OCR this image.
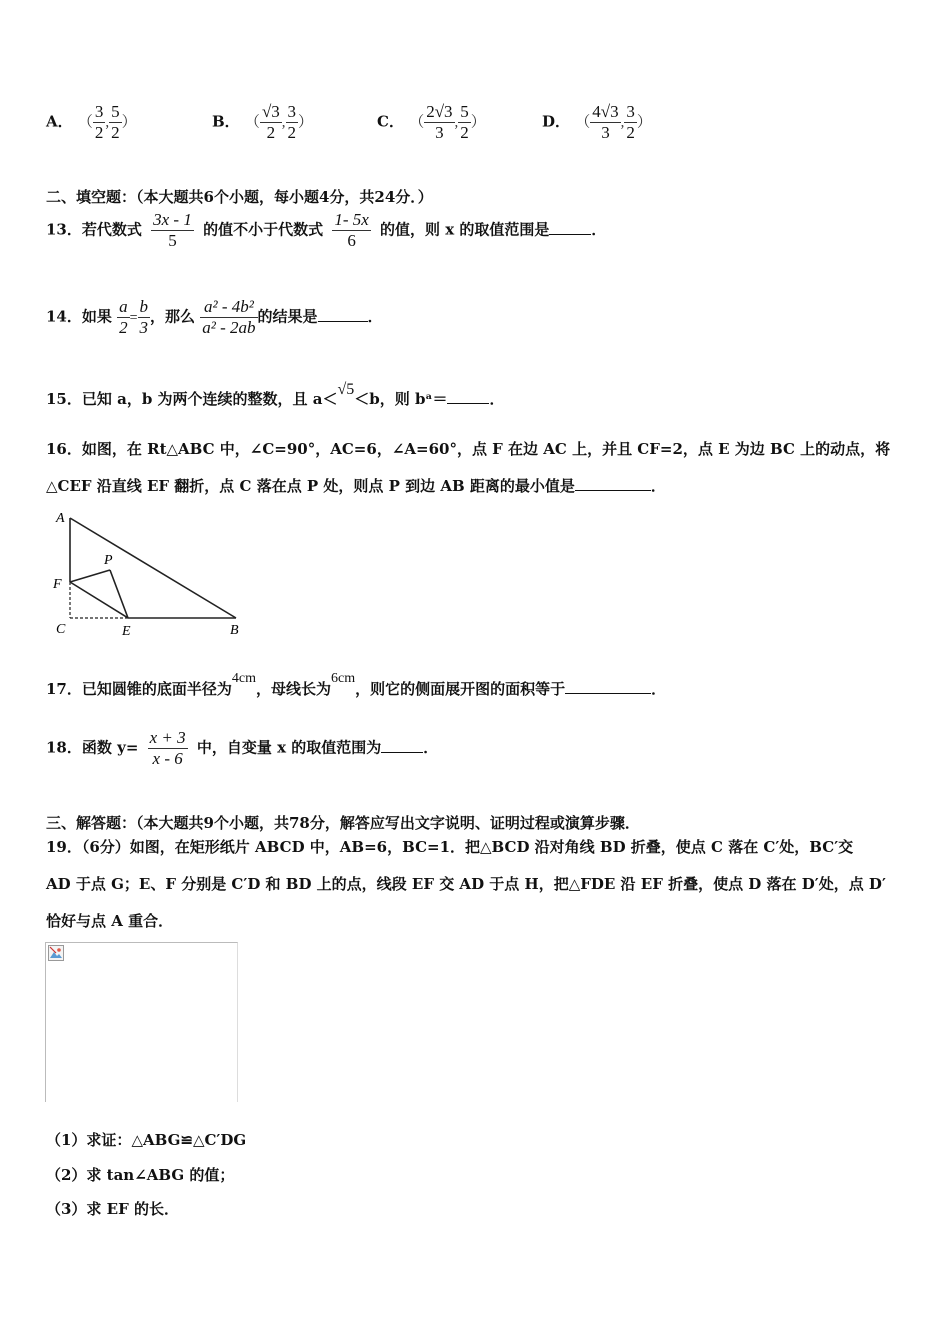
A． （ $\frac{3}{2}$ , $\frac{5}{2}$ ）	B． （ $\frac{√3}{2}$ , $\frac{3}{2}$ ）	C． （ $\frac{2√3}{3}$ , $\frac{5}{2}$ ）	D． （ $\frac{4√3}{3}$ , $\frac{3}{2}$ ）
二、填空题：（本大题共6个小题，每小题4分，共24分．）
13．若代数式 $\frac{3x - 1}{5}$ 的值不小于代数式 $\frac{1- 5x}{6}$ 的值，则 x 的取值范围是	．
14．如果 $\frac{a}{2} = \frac{b}{3}$ ，那么 $\frac{\text{a² - 4b²}}{\text{a² - 2ab}}$ 的结果是	．
15．已知 a，b 为两个连续的整数，且 a＜√5＜b，则 bᵃ＝	．
16．如图，在 Rt△ABC 中，∠C=90°，AC=6，∠A=60°，点 F 在边 AC 上，并且 CF=2，点 E 为边 BC 上的动点，将
△CEF 沿直线 EF 翻折，点 C 落在点 P 处，则点 P 到边 AB 距离的最小值是	．
A
P
F
C	E	B
17．已知圆锥的底面半径为4cm，母线长为6cm，则它的侧面展开图的面积等于	．
18．函数 $y= \frac{x + 3}{x - 6}$ 中，自变量 x 的取值范围为	．
三、解答题：（本大题共9个小题，共78分，解答应写出文字说明、证明过程或演算步骤．
19．（6分）如图，在矩形纸片 ABCD 中，AB=6，BC=1．把△BCD 沿对角线 BD 折叠，使点 C 落在 C′处，BC′交
AD 于点 G；E、F 分别是 C′D 和 BD 上的点，线段 EF 交 AD 于点 H，把△FDE 沿 EF 折叠，使点 D 落在 D′处，点 D′
恰好与点 A 重合．
（1）求证：△ABG≌△C′DG
（2）求 tan∠ABG 的值；
（3）求 EF 的长．
